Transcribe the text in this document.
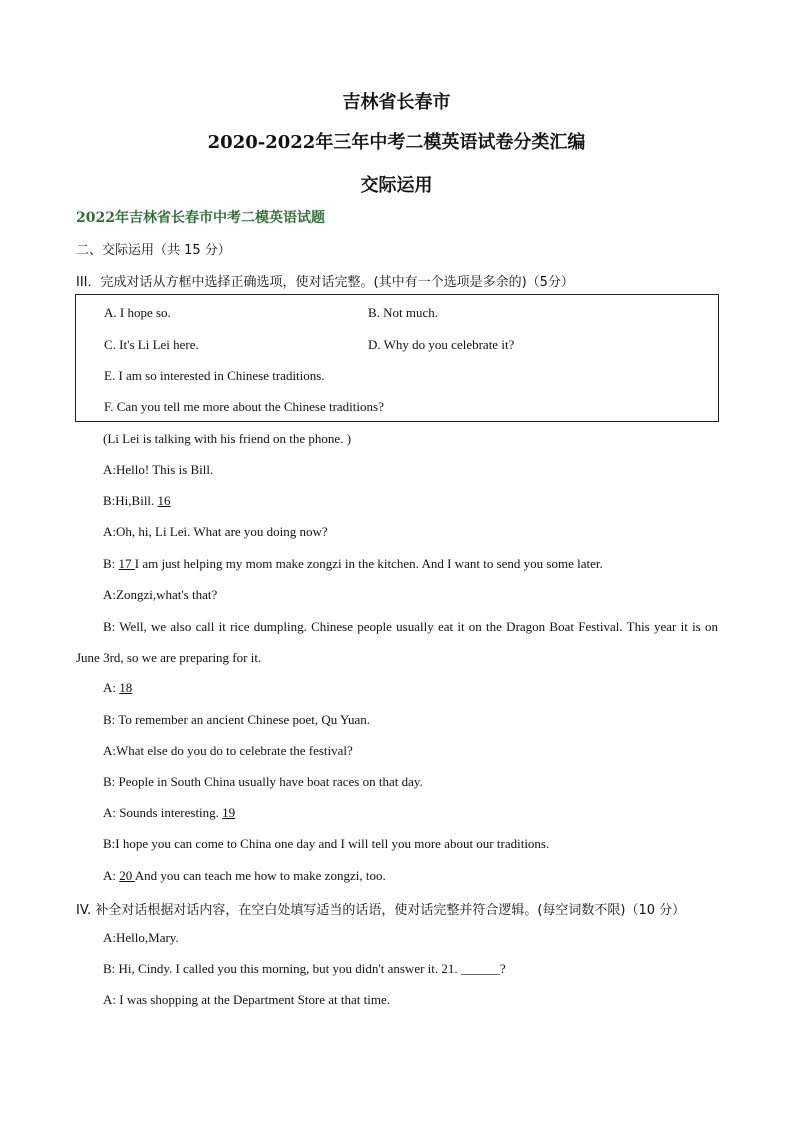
吉林省长春市
2020-2022年三年中考二模英语试卷分类汇编
交际运用
2022年吉林省长春市中考二模英语试题
二、交际运用（共 15 分）
III．完成对话从方框中选择正确选项，使对话完整。(其中有一个选项是多余的)（5分）
A. I hope so.	B. Not much.
C. It's Li Lei here.	D. Why do you celebrate it?
E. I am so interested in Chinese traditions.
F. Can you tell me more about the Chinese traditions?
(Li Lei is talking with his friend on the phone. )
A:Hello! This is Bill.
B:Hi,Bill. 16
A:Oh, hi, Li Lei. What are you doing now?
B: 17 I am just helping my mom make zongzi in the kitchen. And I want to send you some later.
A:Zongzi,what's that?
B: Well, we also call it rice dumpling. Chinese people usually eat it on the Dragon Boat Festival. This year it is on June 3rd, so we are preparing for it.
A: 18
B: To remember an ancient Chinese poet, Qu Yuan.
A:What else do you do to celebrate the festival?
B: People in South China usually have boat races on that day.
A: Sounds interesting. 19
B:I hope you can come to China one day and I will tell you more about our traditions.
A: 20 And you can teach me how to make zongzi, too.
IV. 补全对话根据对话内容，在空白处填写适当的话语，使对话完整并符合逻辑。(每空词数不限)（10 分）
A:Hello,Mary.
B: Hi, Cindy. I called you this morning, but you didn't answer it. 21. ______?
A: I was shopping at the Department Store at that time.
